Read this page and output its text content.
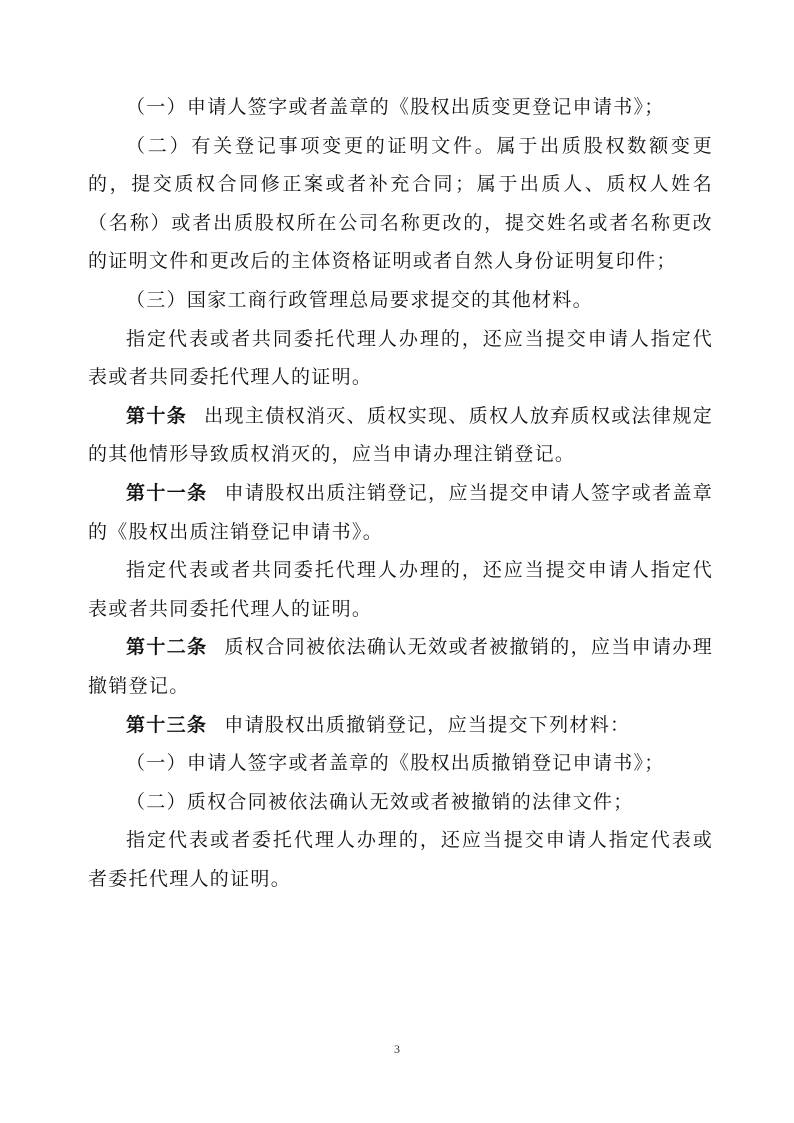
（一）申请人签字或者盖章的《股权出质变更登记申请书》；

（二）有关登记事项变更的证明文件。属于出质股权数额变更的，提交质权合同修正案或者补充合同；属于出质人、质权人姓名（名称）或者出质股权所在公司名称更改的，提交姓名或者名称更改的证明文件和更改后的主体资格证明或者自然人身份证明复印件；

（三）国家工商行政管理总局要求提交的其他材料。

指定代表或者共同委托代理人办理的，还应当提交申请人指定代表或者共同委托代理人的证明。

第十条 出现主债权消灭、质权实现、质权人放弃质权或法律规定的其他情形导致质权消灭的，应当申请办理注销登记。

第十一条 申请股权出质注销登记，应当提交申请人签字或者盖章的《股权出质注销登记申请书》。

指定代表或者共同委托代理人办理的，还应当提交申请人指定代表或者共同委托代理人的证明。

第十二条 质权合同被依法确认无效或者被撤销的，应当申请办理撤销登记。

第十三条 申请股权出质撤销登记，应当提交下列材料：

（一）申请人签字或者盖章的《股权出质撤销登记申请书》；

（二）质权合同被依法确认无效或者被撤销的法律文件；

指定代表或者委托代理人办理的，还应当提交申请人指定代表或者委托代理人的证明。

3
